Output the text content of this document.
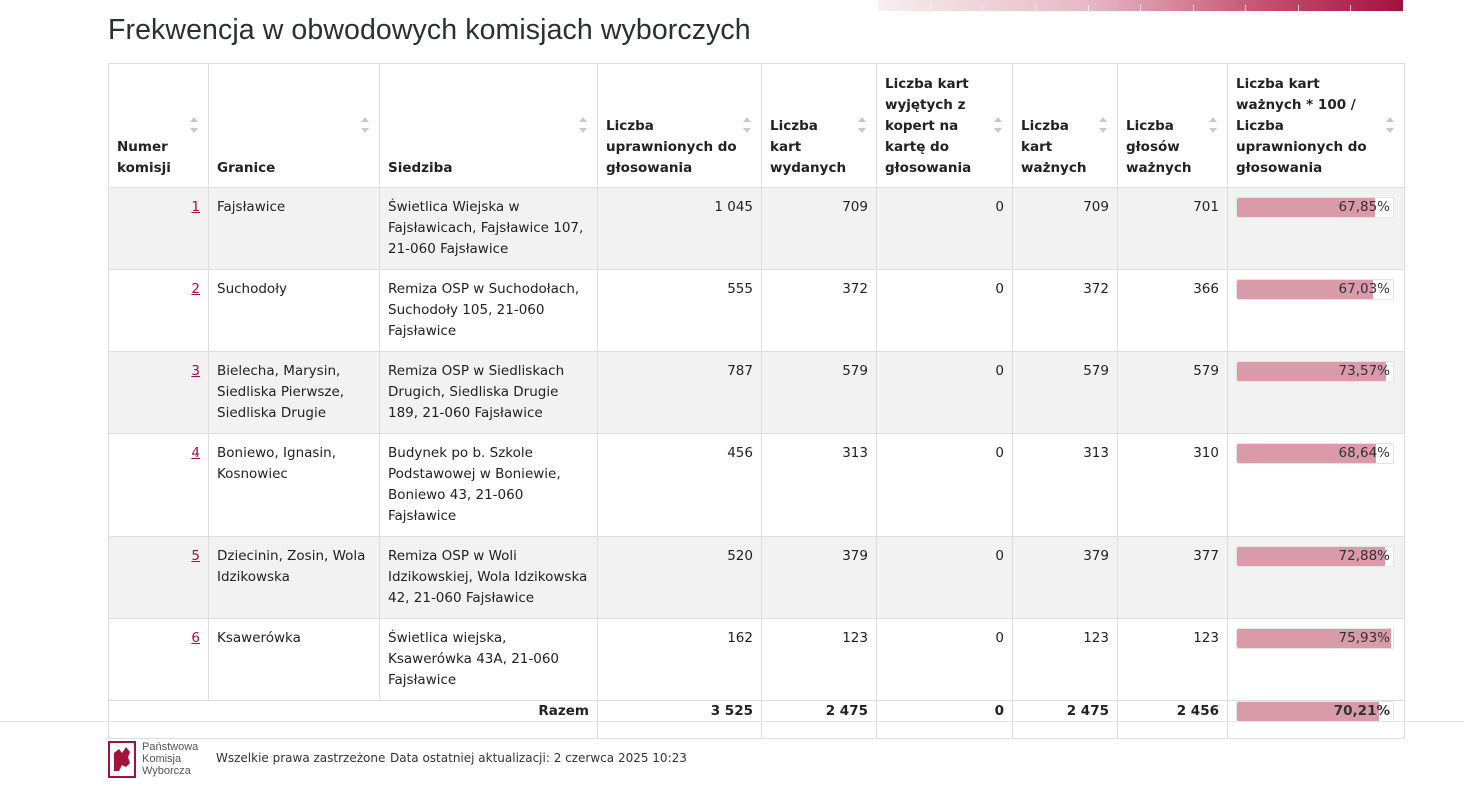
Frekwencja w obwodowych komisjach wyborczych
Numer komisji	Granice	Siedziba	Liczba uprawnionych do głosowania	Liczba kart wydanych	Liczba kart wyjętych z kopert na kartę do głosowania	Liczba kart ważnych	Liczba głosów ważnych	Liczba kart ważnych * 100 / Liczba uprawnionych do głosowania

1	Fajsławice	Świetlica Wiejska w Fajsławicach, Fajsławice 107, 21-060 Fajsławice	1 045	709	0	709	701	67,85%

2	Suchodoły	Remiza OSP w Suchodołach, Suchodoły 105, 21-060 Fajsławice	555	372	0	372	366	67,03%

3	Bielecha, Marysin, Siedliska Pierwsze, Siedliska Drugie	Remiza OSP w Siedliskach Drugich, Siedliska Drugie 189, 21-060 Fajsławice	787	579	0	579	579	73,57%

4	Boniewo, Ignasin, Kosnowiec	Budynek po b. Szkole Podstawowej w Boniewie, Boniewo 43, 21-060 Fajsławice	456	313	0	313	310	68,64%

5	Dziecinin, Zosin, Wola Idzikowska	Remiza OSP w Woli Idzikowskiej, Wola Idzikowska 42, 21-060 Fajsławice	520	379	0	379	377	72,88%

6	Ksawerówka	Świetlica wiejska, Ksawerówka 43A, 21-060 Fajsławice	162	123	0	123	123	75,93%

Razem			3 525	2 475	0	2 475	2 456	70,21%
Państwowa
Komisja
Wyborcza
Wszelkie prawa zastrzeżone Data ostatniej aktualizacji: 2 czerwca 2025 10:23
